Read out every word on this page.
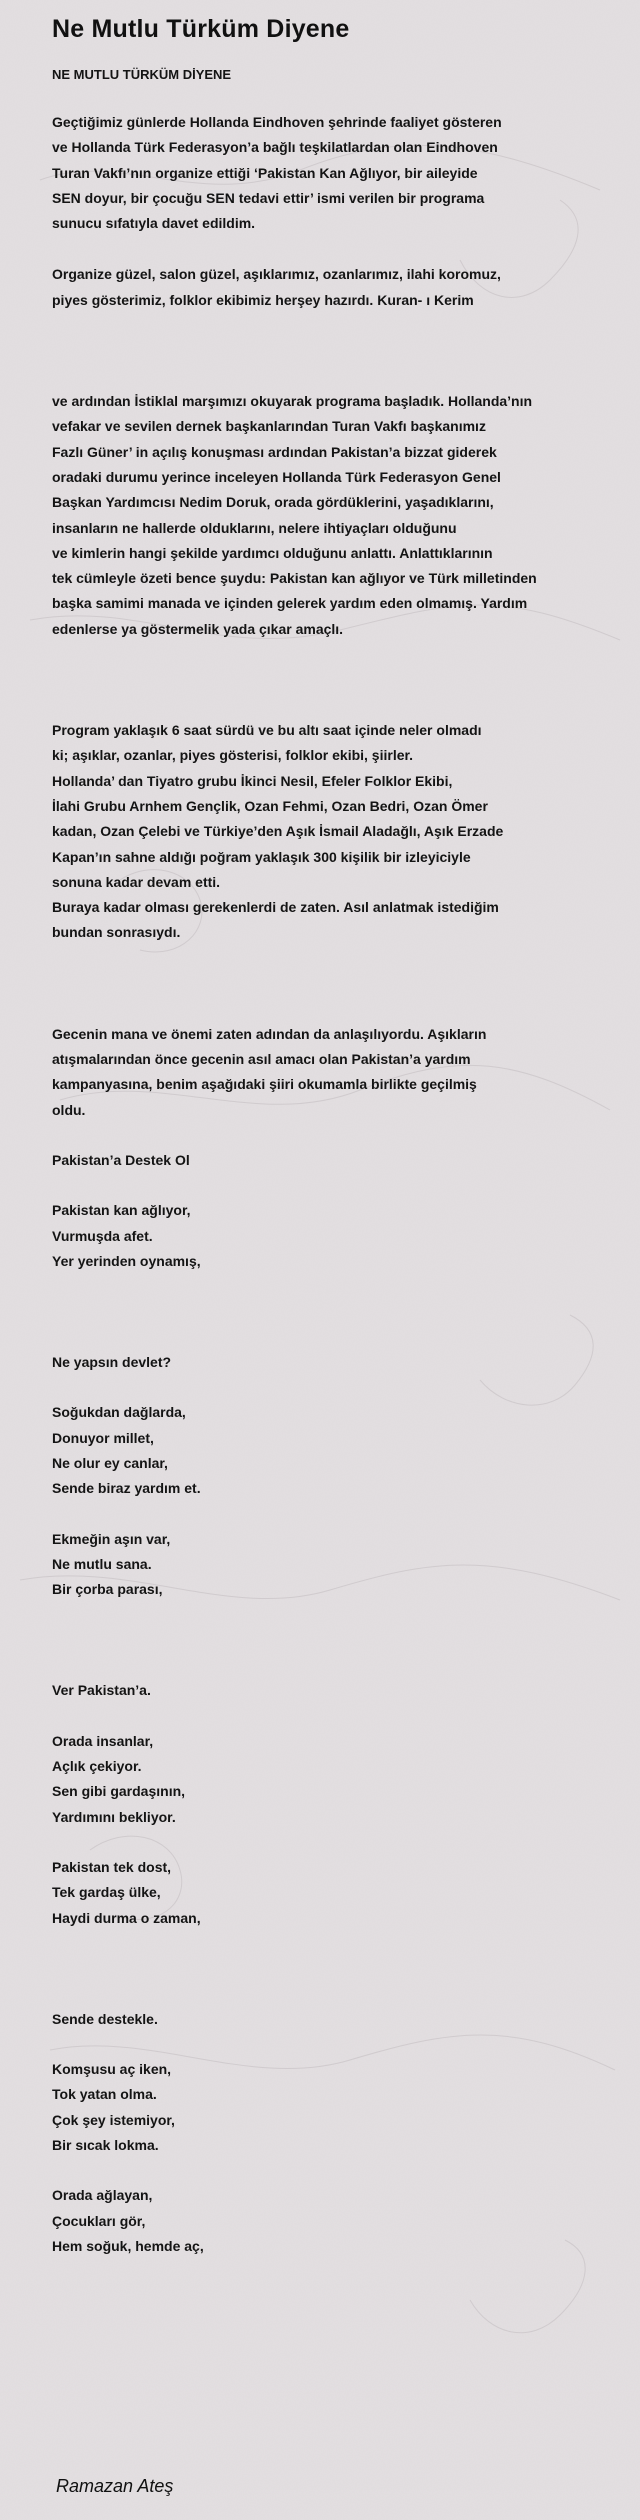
Ne Mutlu Türküm Diyene
NE MUTLU TÜRKÜM DİYENE

Geçtiğimiz günlerde Hollanda Eindhoven şehrinde faaliyet gösteren
ve Hollanda Türk Federasyon’a bağlı teşkilatlardan olan Eindhoven
Turan Vakfı’nın organize ettiği ‘Pakistan Kan Ağlıyor, bir aileyide
SEN doyur, bir çocuğu SEN tedavi ettir’ ismi verilen bir programa
sunucu sıfatıyla davet edildim.

Organize güzel, salon güzel, aşıklarımız, ozanlarımız, ilahi koromuz,
piyes gösterimiz, folklor ekibimiz herşey hazırdı. Kuran- ı Kerim

ve ardından İstiklal marşımızı okuyarak programa başladık. Hollanda’nın
vefakar ve sevilen dernek başkanlarından Turan Vakfı başkanımız
Fazlı Güner’ in açılış konuşması ardından Pakistan’a bizzat giderek
oradaki durumu yerince inceleyen Hollanda Türk Federasyon Genel
Başkan Yardımcısı Nedim Doruk, orada gördüklerini, yaşadıklarını,
insanların ne hallerde olduklarını, nelere ihtiyaçları olduğunu
ve kimlerin hangi şekilde yardımcı olduğunu anlattı. Anlattıklarının
tek cümleyle özeti bence şuydu: Pakistan kan ağlıyor ve Türk milletinden
başka samimi manada ve içinden gelerek yardım eden olmamış. Yardım
edenlerse ya göstermelik yada çıkar amaçlı.

Program yaklaşık 6 saat sürdü ve bu altı saat içinde neler olmadı
ki; aşıklar, ozanlar, piyes gösterisi, folklor ekibi, şiirler.
Hollanda’ dan Tiyatro grubu İkinci Nesil, Efeler Folklor Ekibi,
İlahi Grubu Arnhem Gençlik, Ozan Fehmi, Ozan Bedri, Ozan Ömer
kadan, Ozan Çelebi ve Türkiye’den Aşık İsmail Aladağlı, Aşık Erzade
Kapan’ın sahne aldığı poğram yaklaşık 300 kişilik bir izleyiciyle
sonuna kadar devam etti.
Buraya kadar olması gerekenlerdi de zaten. Asıl anlatmak istediğim
bundan sonrasıydı.

Gecenin mana ve önemi zaten adından da anlaşılıyordu. Aşıkların
atışmalarından önce gecenin asıl amacı olan Pakistan’a yardım
kampanyasına, benim aşağıdaki şiiri okumamla birlikte geçilmiş
oldu.

Pakistan’a Destek Ol

Pakistan kan ağlıyor,
Vurmuşda afet.
Yer yerinden oynamış,

Ne yapsın devlet?

Soğukdan dağlarda,
Donuyor millet,
Ne olur ey canlar,
Sende biraz yardım et.

Ekmeğin aşın var,
Ne mutlu sana.
Bir çorba parası,

Ver Pakistan’a.

Orada insanlar,
Açlık çekiyor.
Sen gibi gardaşının,
Yardımını bekliyor.

Pakistan tek dost,
Tek gardaş ülke,
Haydi durma o zaman,

Sende destekle.

Komşusu aç iken,
Tok yatan olma.
Çok şey istemiyor,
Bir sıcak lokma.

Orada ağlayan,
Çocukları gör,
Hem soğuk, hemde aç,

Ramazan Ateş
